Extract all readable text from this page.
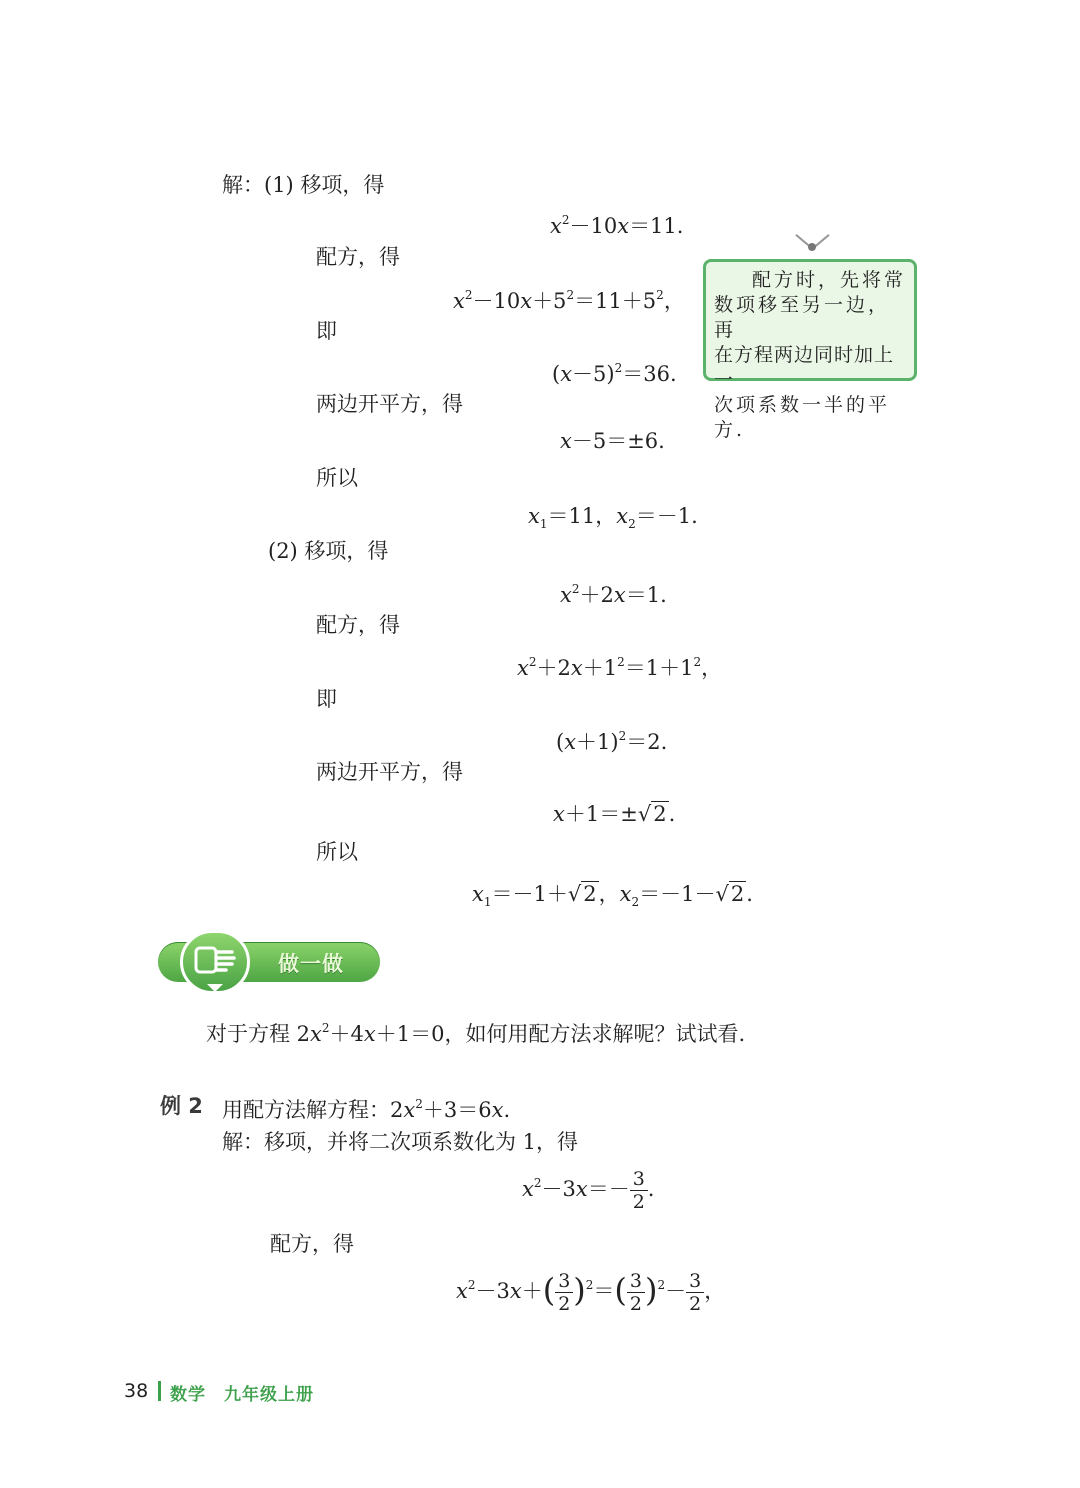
解：(1) 移项，得
$x^2-10x=11$.
配方，得
$x^2-10x+5^2=11+5^2$，
即
$(x-5)^2=36$.
两边开平方，得
x－5＝±6.
所以
$x_1=11$，$x_2=-1$.

配方时，先将常

数项移至另一边，再

在方程两边同时加上一

次项系数一半的平方.

(2) 移项，得
$x^2+2x=1$.
配方，得
$x^2+2x+1^2=1+1^2$，
即
$(x+1)^2=2$.
两边开平方，得
x＋1＝±√2.
所以
$x_1=-1+√2$，$x_2=-1-√2$.
做一做
对于方程 $2x^2+4x+1=0$，如何用配方法求解呢？试试看.
例 2 用配方法解方程：$2x^2+3=6x$.
解：移项，并将二次项系数化为 1，得
$x^2-3x=- \frac{3}{2}$ .
配方，得
$x^2-3x+( \frac{3}{2} )^2=( \frac{3}{2} )^2- \frac{3}{2}$ ，
38 数学 九年级上册
